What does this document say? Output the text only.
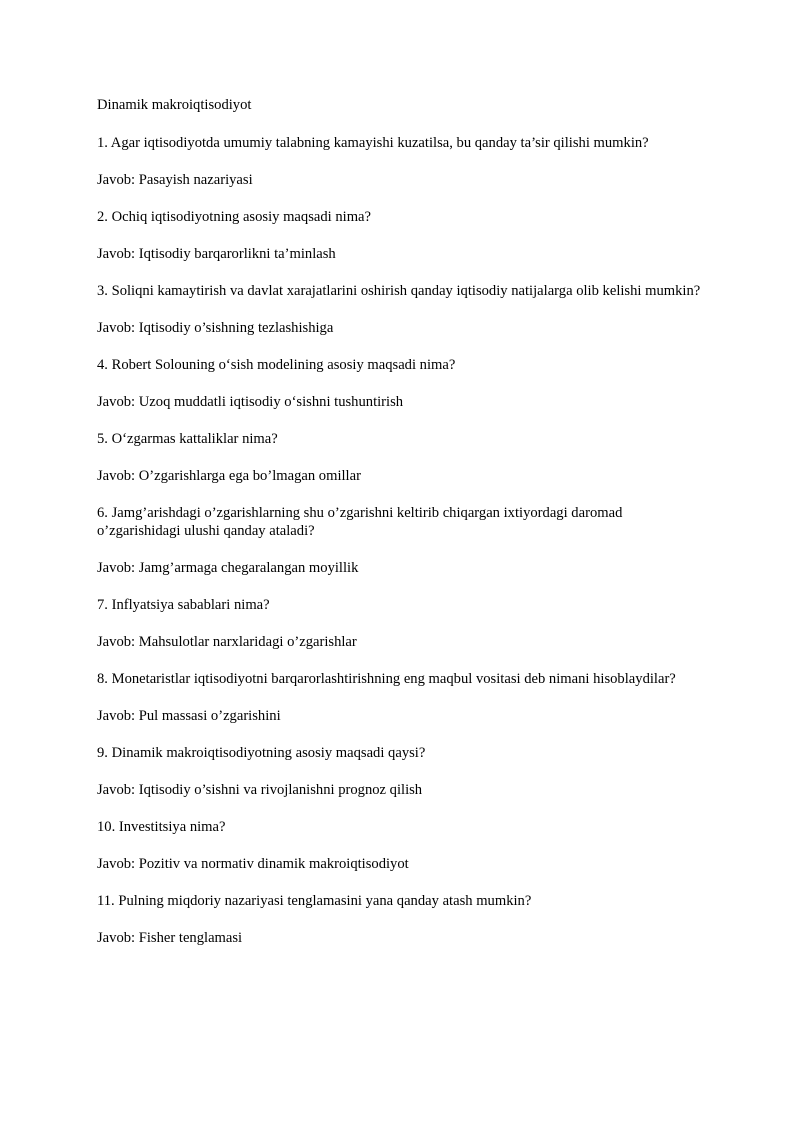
Dinamik makroiqtisodiyot

1. Agar iqtisodiyotda umumiy talabning kamayishi kuzatilsa, bu qanday ta’sir qilishi mumkin?

Javob: Pasayish nazariyasi

2. Ochiq iqtisodiyotning asosiy maqsadi nima?

Javob: Iqtisodiy barqarorlikni ta’minlash

3. Soliqni kamaytirish va davlat xarajatlarini oshirish qanday iqtisodiy natijalarga olib kelishi mumkin?

Javob: Iqtisodiy o’sishning tezlashishiga

4. Robert Solouning o‘sish modelining asosiy maqsadi nima?

Javob: Uzoq muddatli iqtisodiy o‘sishni tushuntirish

5. O‘zgarmas kattaliklar nima?

Javob: O’zgarishlarga ega bo’lmagan omillar

6. Jamg’arishdagi o’zgarishlarning shu o’zgarishni keltirib chiqargan ixtiyordagi daromad o’zgarishidagi ulushi qanday ataladi?

Javob: Jamg’armaga chegaralangan moyillik

7. Inflyatsiya sabablari nima?

Javob: Mahsulotlar narxlaridagi o’zgarishlar

8. Monetaristlar iqtisodiyotni barqarorlashtirishning eng maqbul vositasi deb nimani hisoblaydilar?

Javob: Pul massasi o’zgarishini

9. Dinamik makroiqtisodiyotning asosiy maqsadi qaysi?

Javob: Iqtisodiy o’sishni va rivojlanishni prognoz qilish

10. Investitsiya nima?

Javob: Pozitiv va normativ dinamik makroiqtisodiyot

11. Pulning miqdoriy nazariyasi tenglamasini yana qanday atash mumkin?

Javob: Fisher tenglamasi
